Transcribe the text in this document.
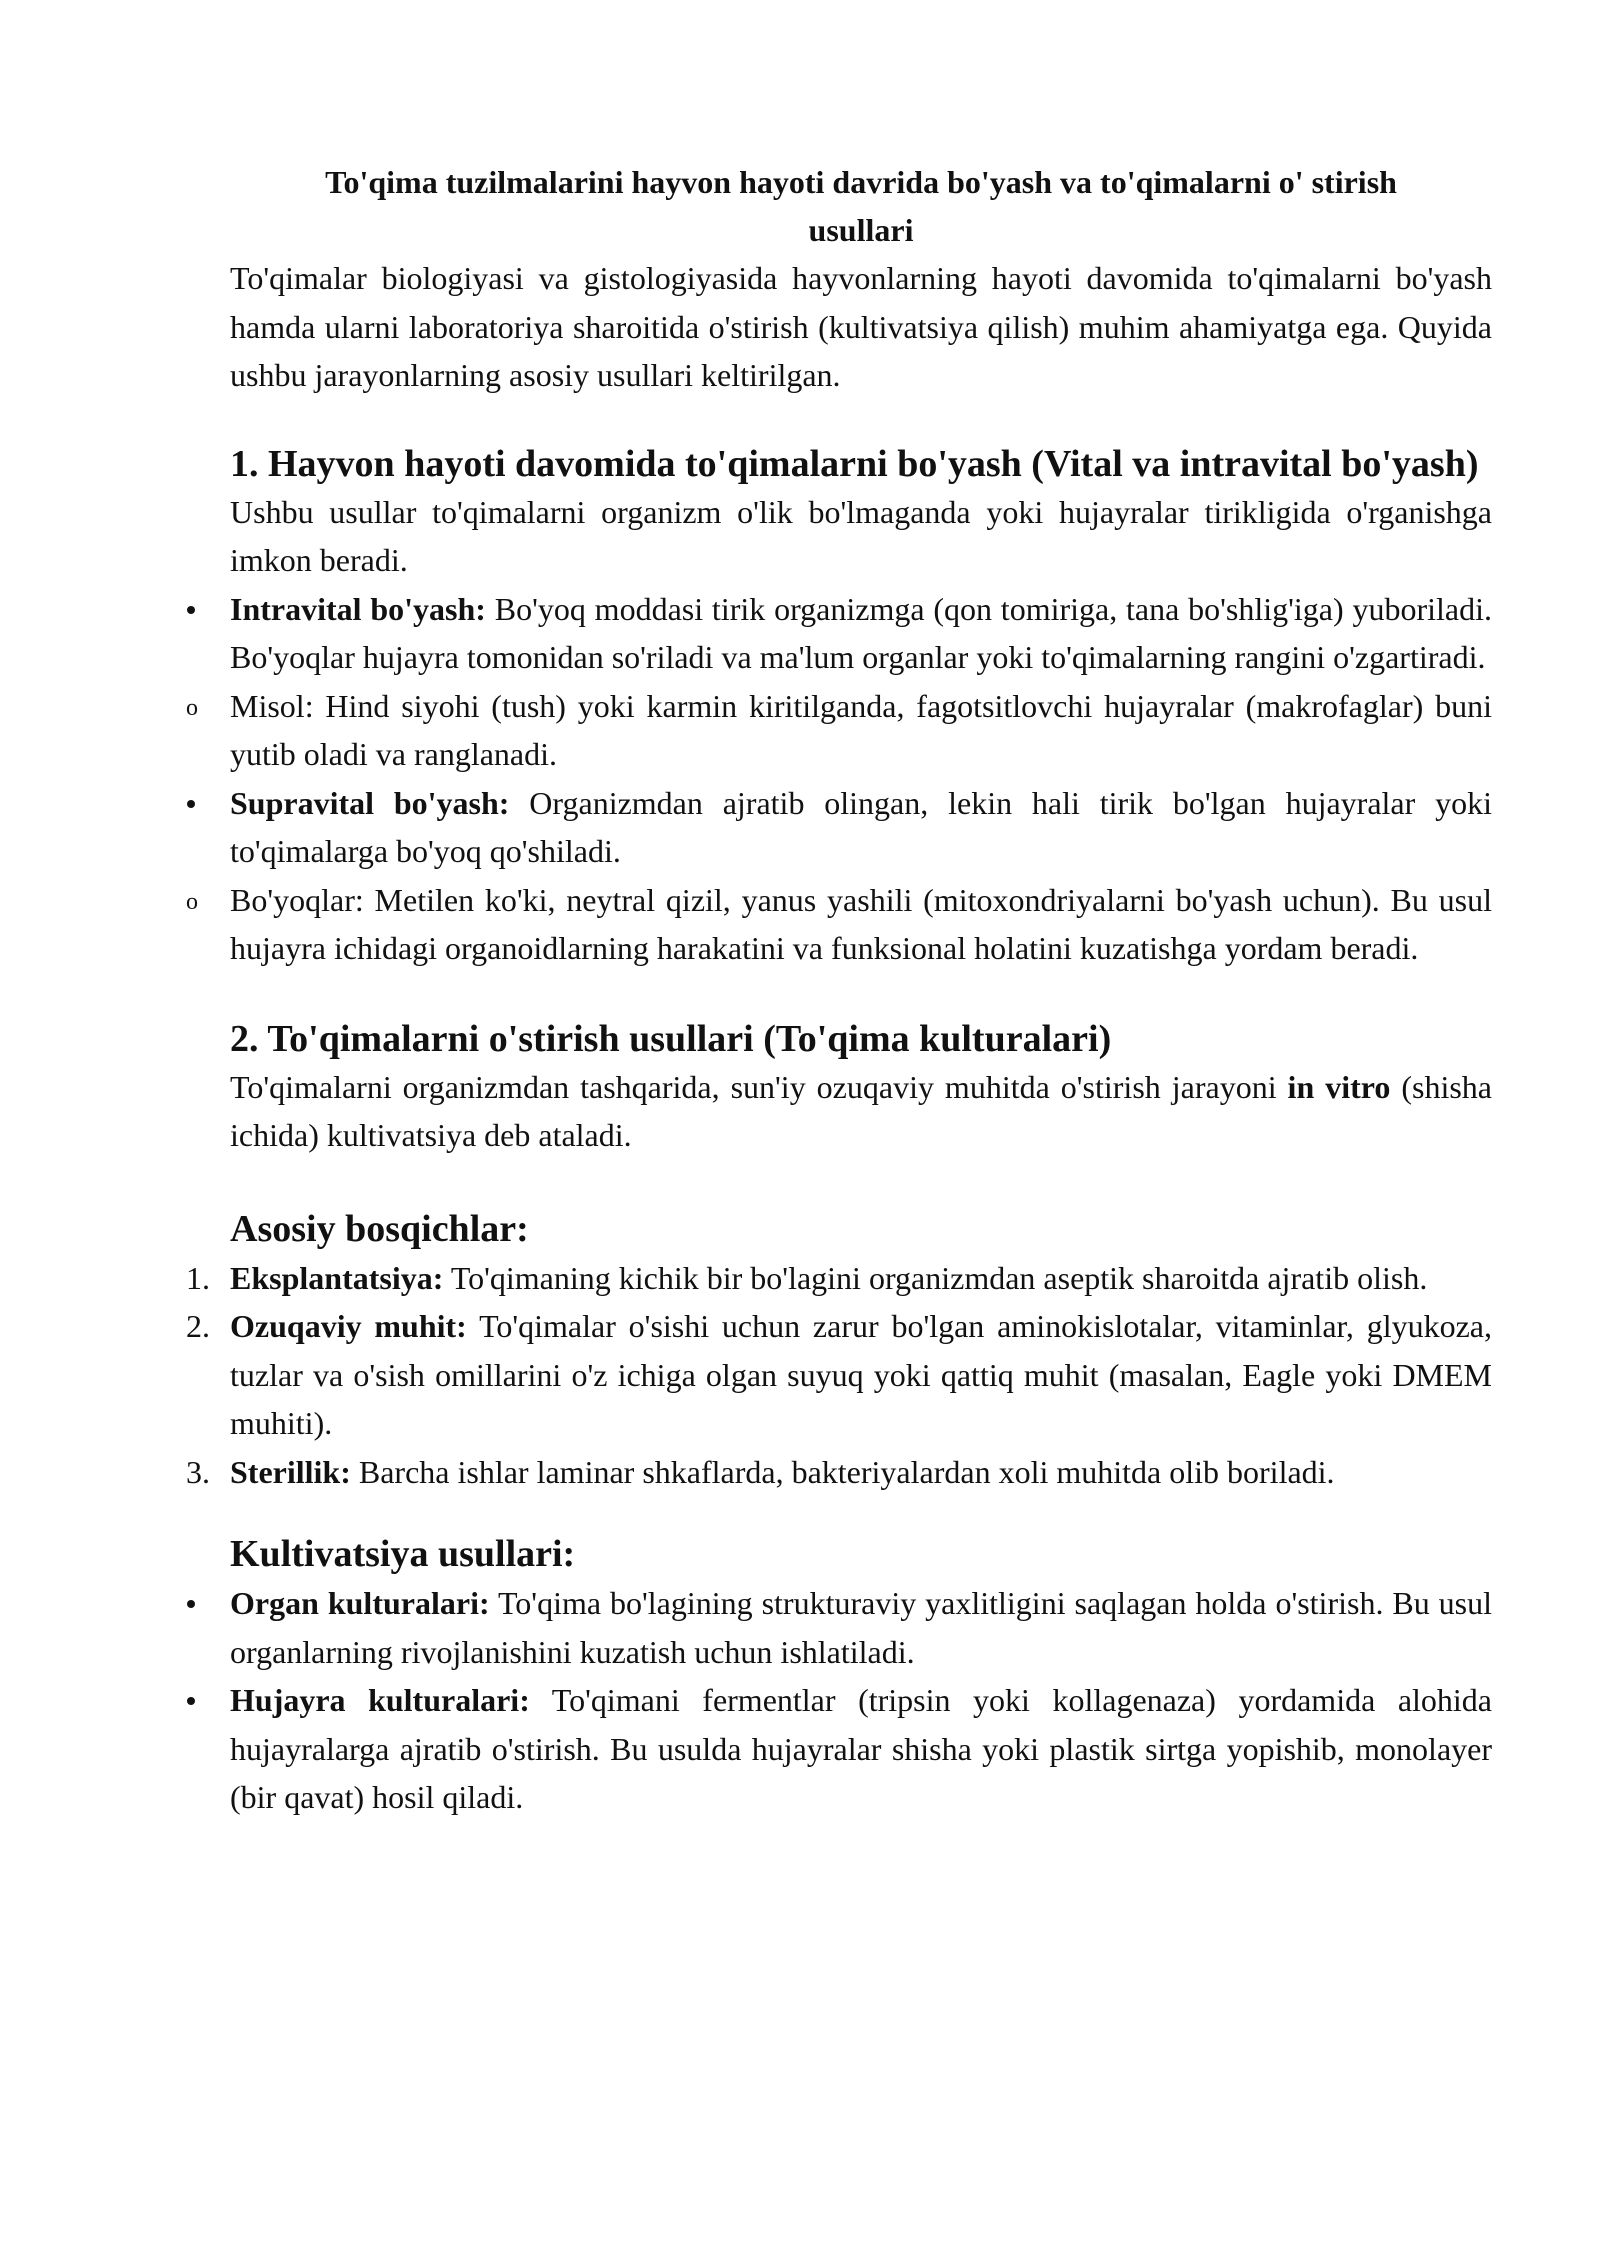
To'qima tuzilmalarini hayvon hayoti davrida bo'yash va to'qimalarni o' stirish
usullari

To'qimalar biologiyasi va gistologiyasida hayvonlarning hayoti davomida to'qimalarni bo'yash hamda ularni laboratoriya sharoitida o'stirish (kultivatsiya qilish) muhim ahamiyatga ega. Quyida ushbu jarayonlarning asosiy usullari keltirilgan.

1. Hayvon hayoti davomida to'qimalarni bo'yash (Vital va intravital bo'yash)

Ushbu usullar to'qimalarni organizm o'lik bo'lmaganda yoki hujayralar tirikligida o'rganishga imkon beradi.

Intravital bo'yash: Bo'yoq moddasi tirik organizmga (qon tomiriga, tana bo'shlig'iga) yuboriladi. Bo'yoqlar hujayra tomonidan so'riladi va ma'lum organlar yoki to'qimalarning rangini o'zgartiradi.

o	Misol: Hind siyohi (tush) yoki karmin kiritilganda, fagotsitlovchi hujayralar (makrofaglar) buni yutib oladi va ranglanadi.

Supravital bo'yash: Organizmdan ajratib olingan, lekin hali tirik bo'lgan hujayralar yoki to'qimalarga bo'yoq qo'shiladi.

o	Bo'yoqlar: Metilen ko'ki, neytral qizil, yanus yashili (mitoxondriyalarni bo'yash uchun). Bu usul hujayra ichidagi organoidlarning harakatini va funksional holatini kuzatishga yordam beradi.

2. To'qimalarni o'stirish usullari (To'qima kulturalari)

To'qimalarni organizmdan tashqarida, sun'iy ozuqaviy muhitda o'stirish jarayoni in vitro (shisha ichida) kultivatsiya deb ataladi.

Asosiy bosqichlar:
1. Eksplantatsiya: To'qimaning kichik bir bo'lagini organizmdan aseptik sharoitda ajratib olish.

2. Ozuqaviy muhit: To'qimalar o'sishi uchun zarur bo'lgan aminokislotalar, vitaminlar, glyukoza, tuzlar va o'sish omillarini o'z ichiga olgan suyuq yoki qattiq muhit (masalan, Eagle yoki DMEM muhiti).

3. Sterillik: Barcha ishlar laminar shkaflarda, bakteriyalardan xoli muhitda olib boriladi.

Kultivatsiya usullari:

Organ kulturalari: To'qima bo'lagining strukturaviy yaxlitligini saqlagan holda o'stirish. Bu usul organlarning rivojlanishini kuzatish uchun ishlatiladi.

Hujayra kulturalari: To'qimani fermentlar (tripsin yoki kollagenaza) yordamida alohida hujayralarga ajratib o'stirish. Bu usulda hujayralar shisha yoki plastik sirtga yopishib, monolayer (bir qavat) hosil qiladi.
